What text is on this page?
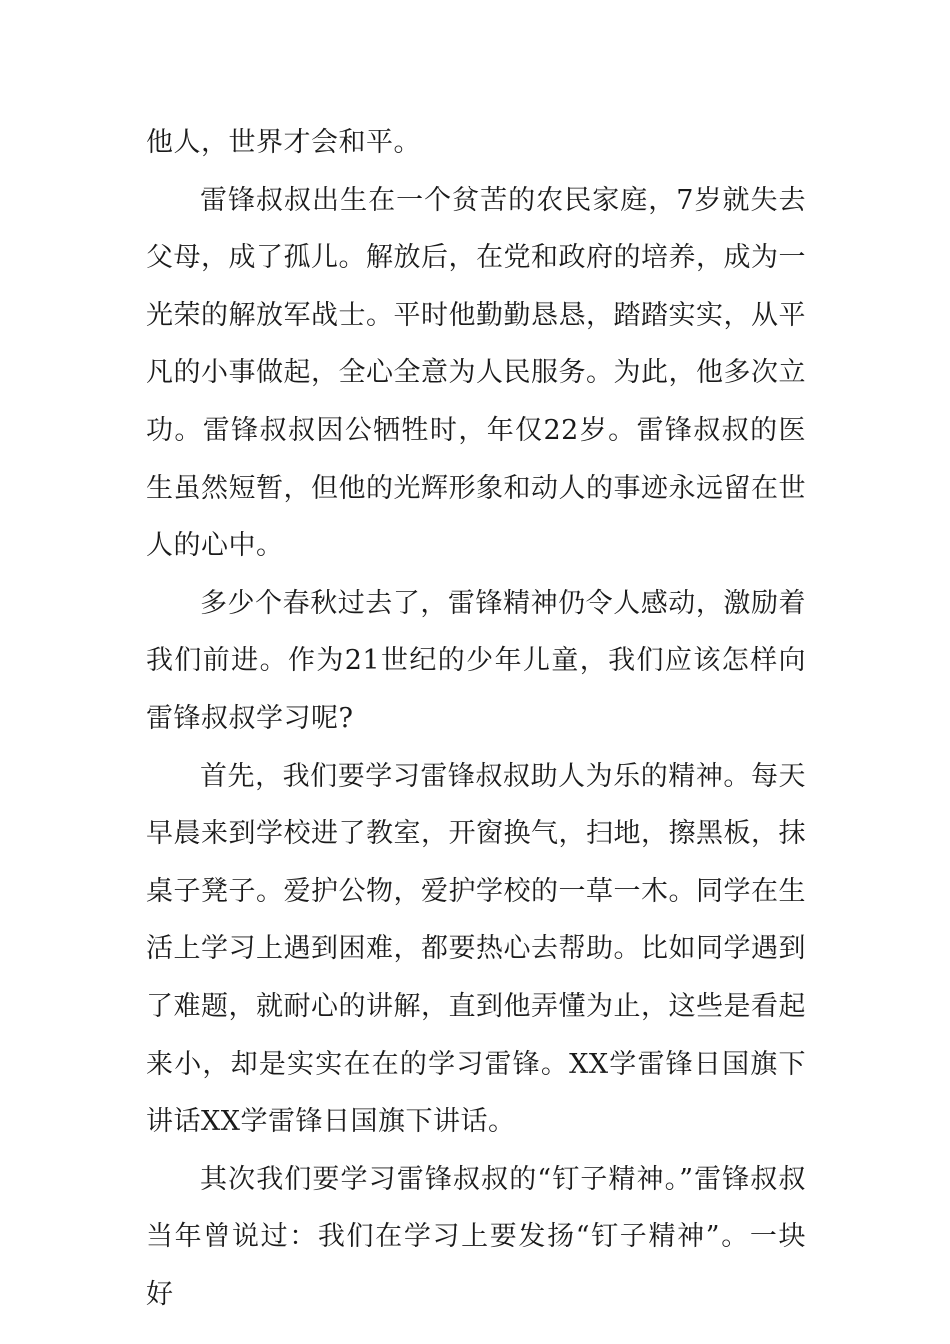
他人，世界才会和平。

雷锋叔叔出生在一个贫苦的农民家庭，7岁就失去父母，成了孤儿。解放后，在党和政府的培养，成为一光荣的解放军战士。平时他勤勤恳恳，踏踏实实，从平凡的小事做起，全心全意为人民服务。为此，他多次立功。雷锋叔叔因公牺牲时，年仅22岁。雷锋叔叔的医生虽然短暂，但他的光辉形象和动人的事迹永远留在世人的心中。

多少个春秋过去了，雷锋精神仍令人感动，激励着我们前进。作为21世纪的少年儿童，我们应该怎样向雷锋叔叔学习呢?

首先，我们要学习雷锋叔叔助人为乐的精神。每天早晨来到学校进了教室，开窗换气，扫地，擦黑板，抹桌子凳子。爱护公物，爱护学校的一草一木。同学在生活上学习上遇到困难，都要热心去帮助。比如同学遇到了难题，就耐心的讲解，直到他弄懂为止，这些是看起来小，却是实实在在的学习雷锋。XX学雷锋日国旗下讲话XX学雷锋日国旗下讲话。

其次我们要学习雷锋叔叔的“钉子精神。”雷锋叔叔当年曾说过：我们在学习上要发扬“钉子精神”。一块好
